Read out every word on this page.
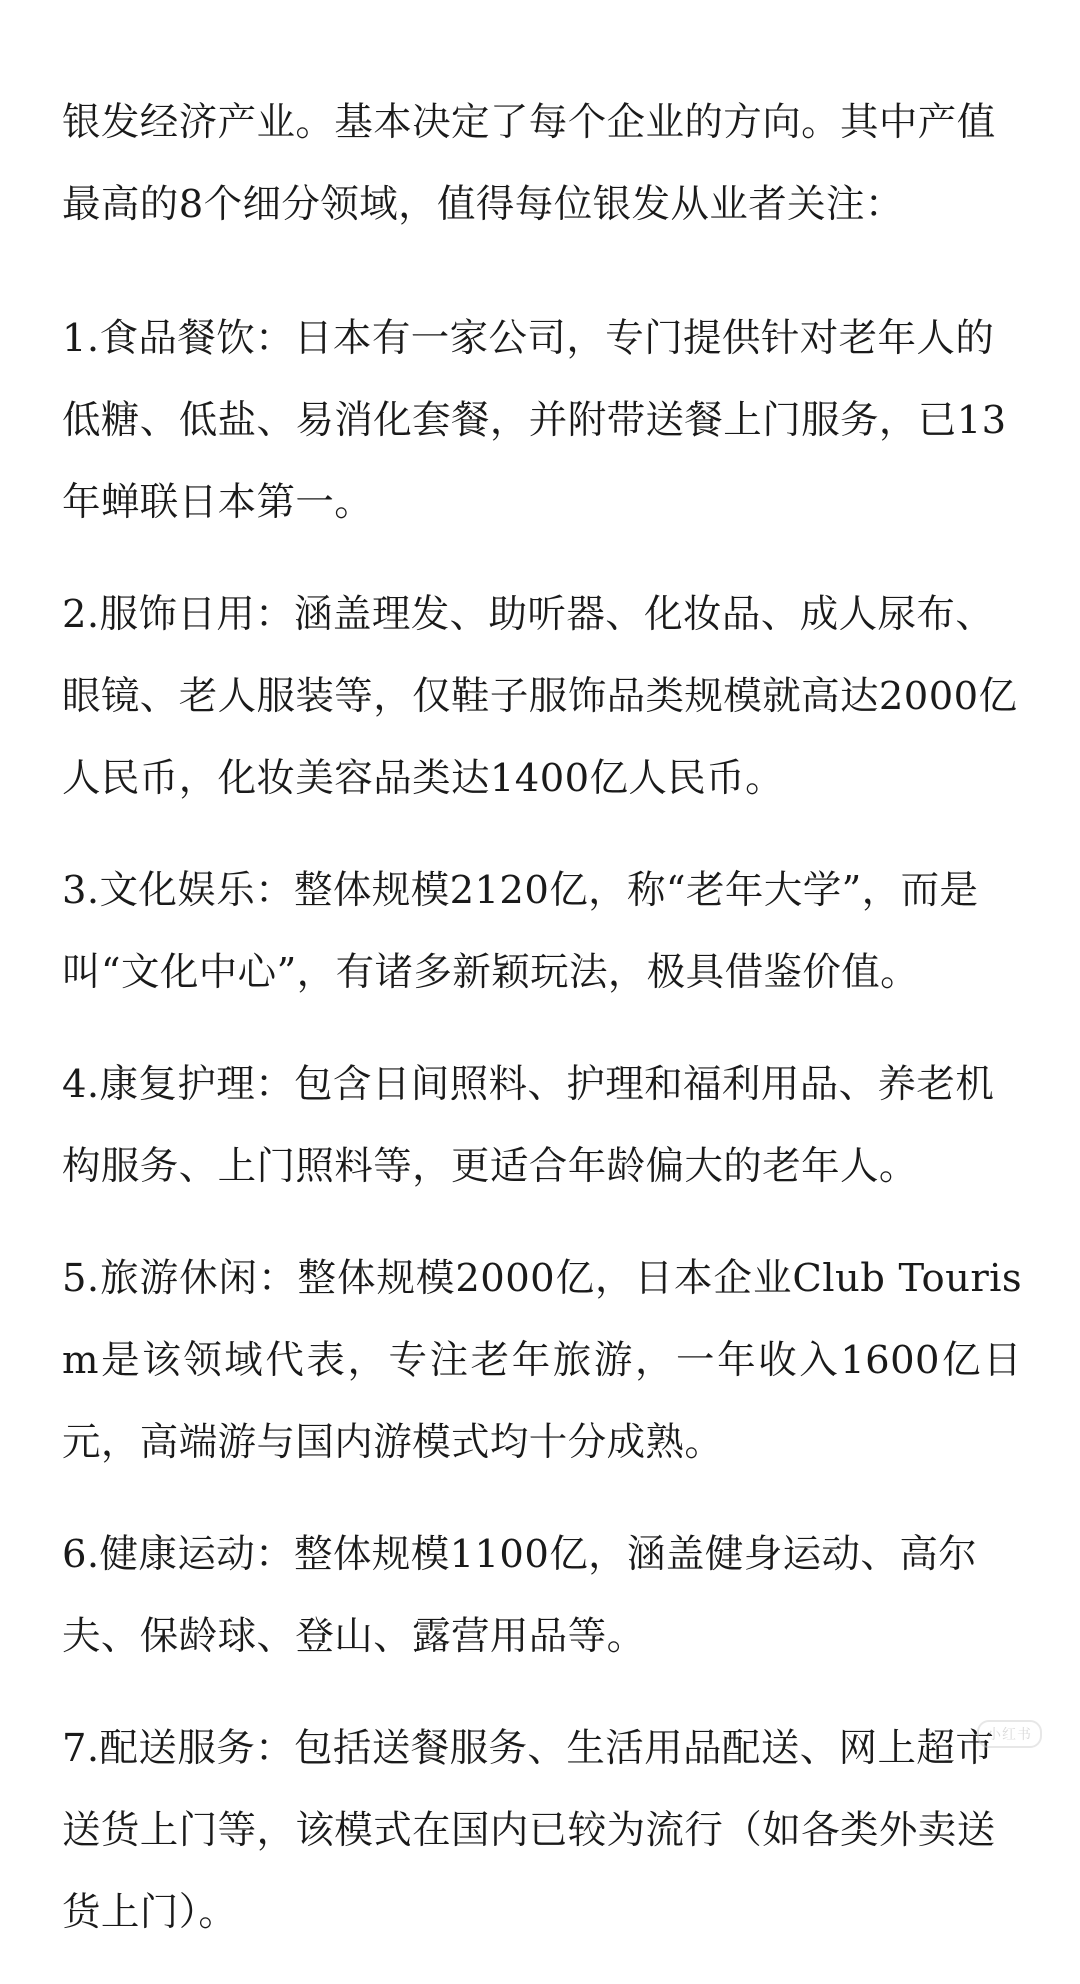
银发经济产业。基本决定了每个企业的方向。其中产值最高的8个细分领域，值得每位银发从业者关注：

1.食品餐饮：日本有一家公司，专门提供针对老年人的低糖、低盐、易消化套餐，并附带送餐上门服务，已13年蝉联日本第一。

2.服饰日用：涵盖理发、助听器、化妆品、成人尿布、眼镜、老人服装等，仅鞋子服饰品类规模就高达2000亿人民币，化妆美容品类达1400亿人民币。

3.文化娱乐：整体规模2120亿，称“老年大学”，而是叫“文化中心”，有诸多新颖玩法，极具借鉴价值。

4.康复护理：包含日间照料、护理和福利用品、养老机构服务、上门照料等，更适合年龄偏大的老年人。

5.旅游休闲：整体规模2000亿，日本企业Club Tourism是该领域代表，专注老年旅游，一年收入1600亿日元，高端游与国内游模式均十分成熟。

6.健康运动：整体规模1100亿，涵盖健身运动、高尔夫、保龄球、登山、露营用品等。

7.配送服务：包括送餐服务、生活用品配送、网上超市送货上门等，该模式在国内已较为流行（如各类外卖送货上门）。

小红书
